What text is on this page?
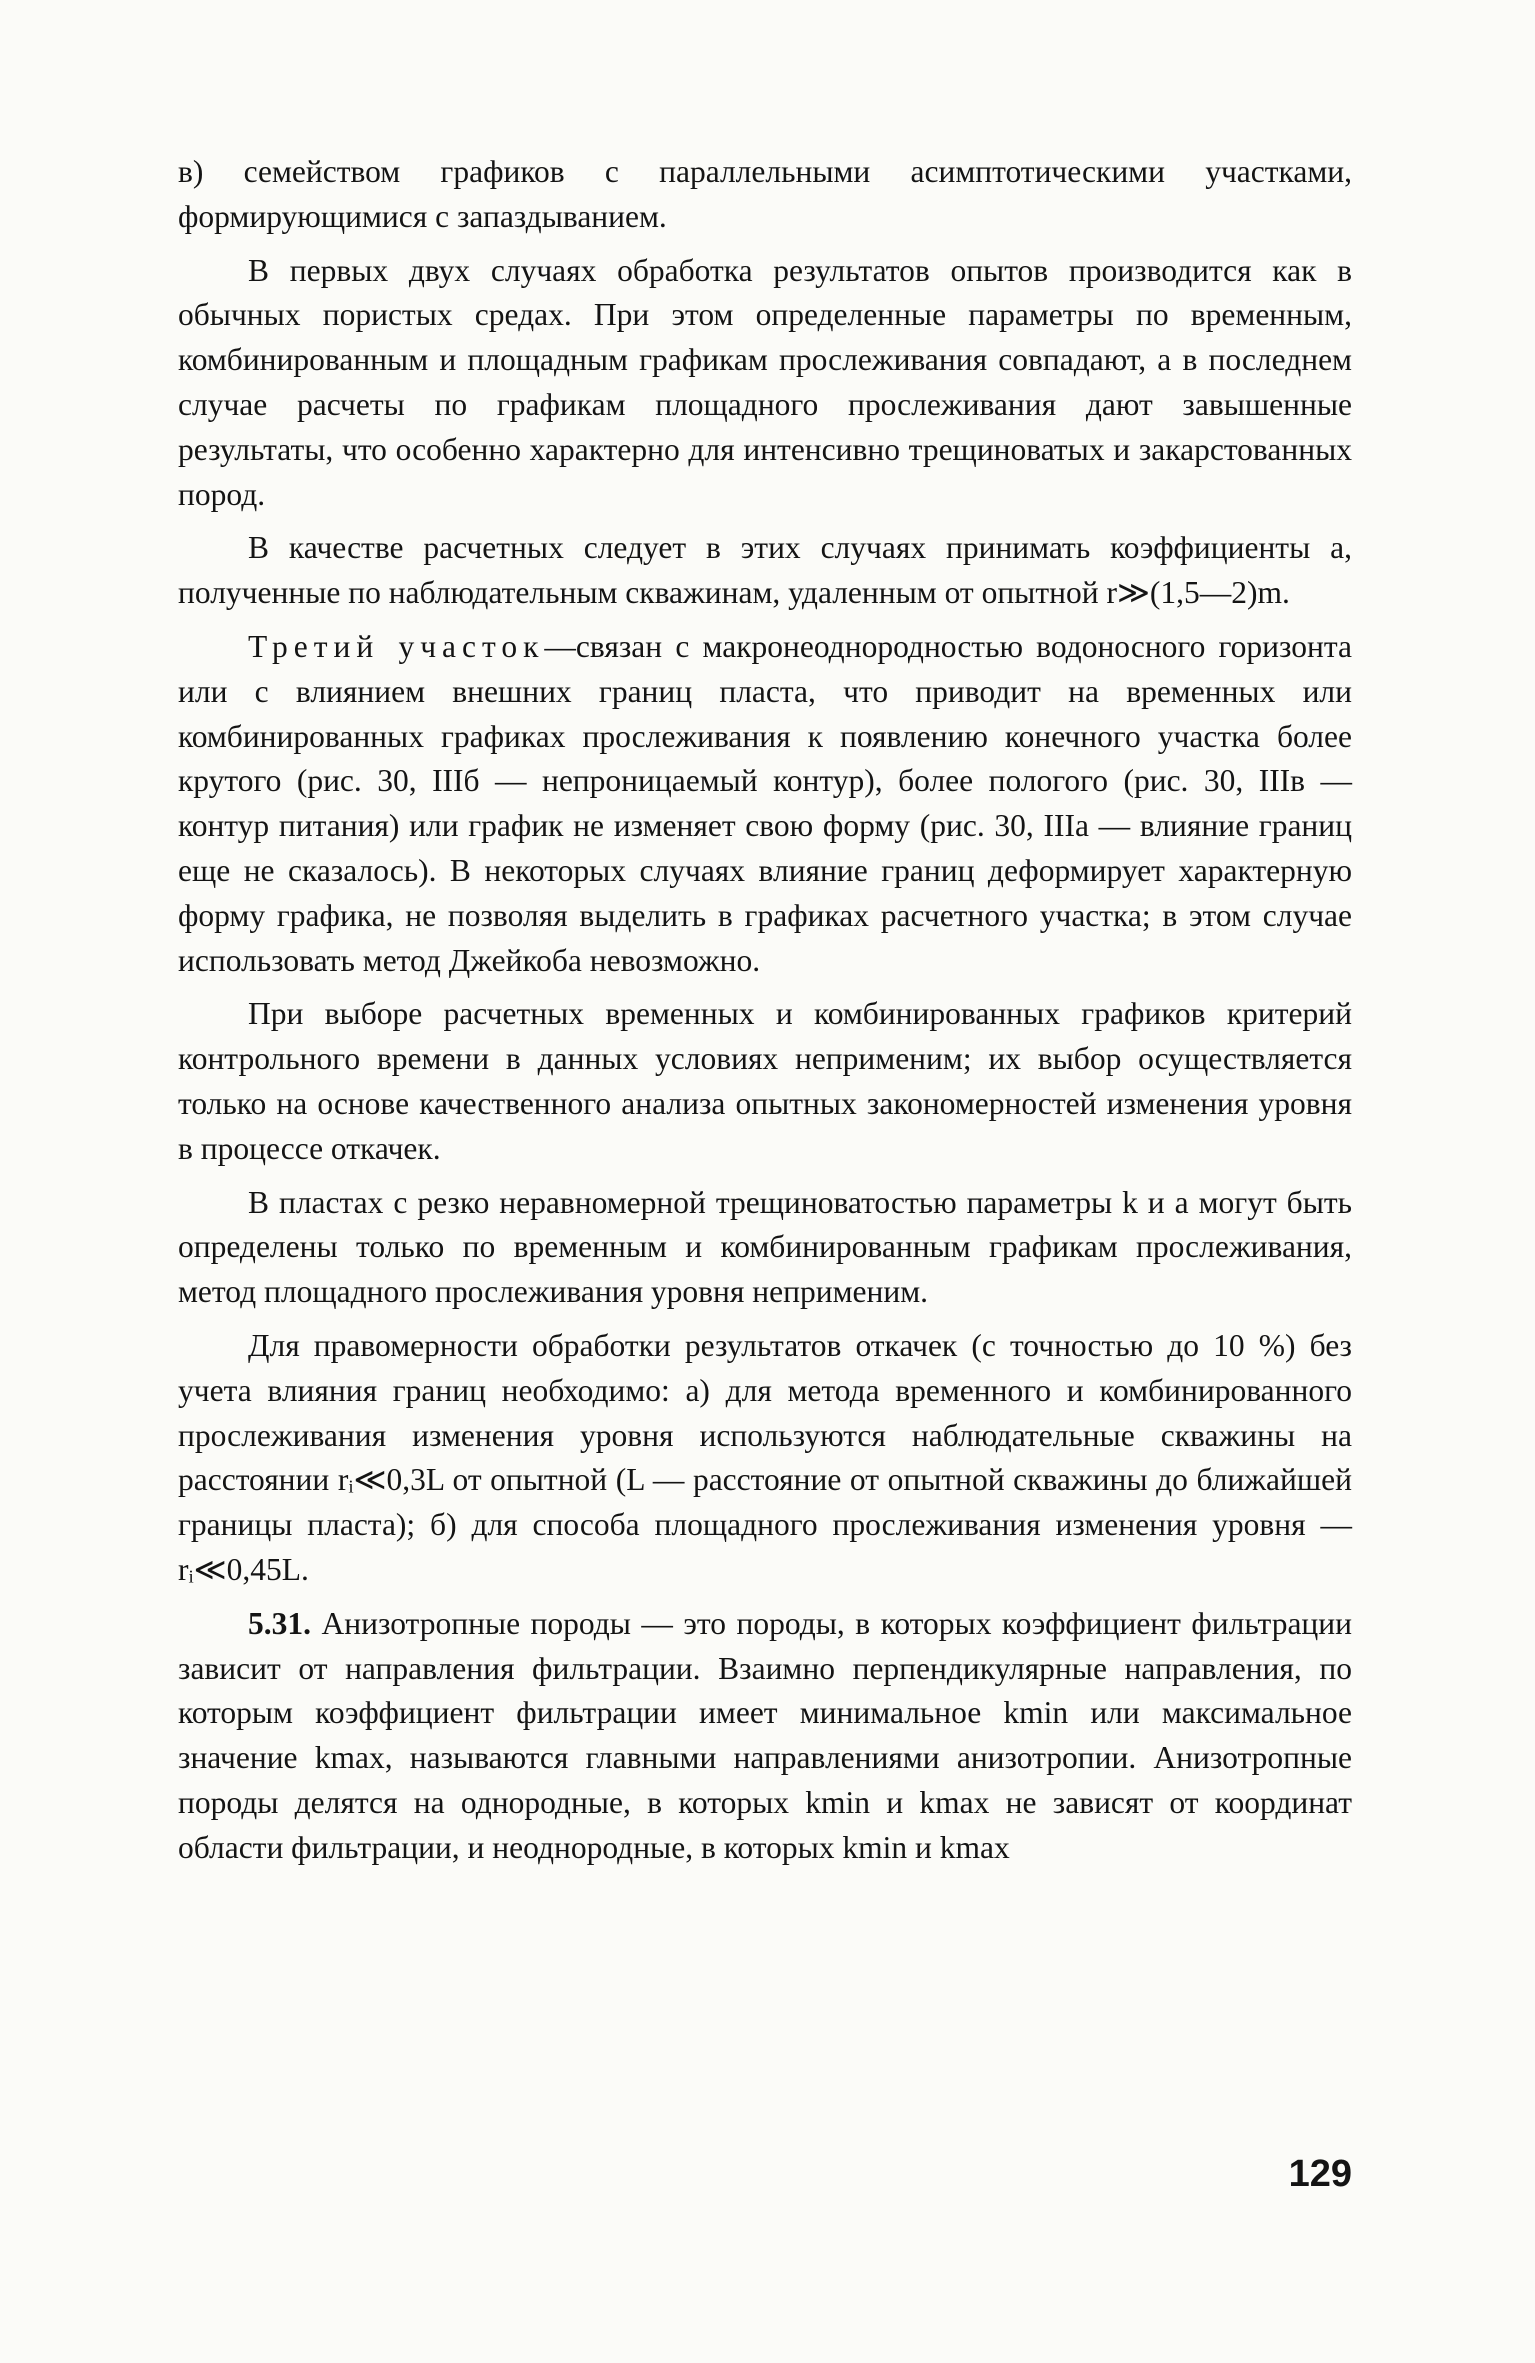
в) семейством графиков с параллельными асимптотическими участками, формирующимися с запаздыванием.

В первых двух случаях обработка результатов опытов производится как в обычных пористых средах. При этом определенные параметры по временным, комбинированным и площадным графикам прослеживания совпадают, а в последнем случае расчеты по графикам площадного прослеживания дают завышенные результаты, что особенно характерно для интенсивно трещиноватых и закарстованных пород.

В качестве расчетных следует в этих случаях принимать коэффициенты a, полученные по наблюдательным скважинам, удаленным от опытной r≫(1,5—2)m.

Третий участок—связан с макронеоднородностью водоносного горизонта или с влиянием внешних границ пласта, что приводит на временных или комбинированных графиках прослеживания к появлению конечного участка более крутого (рис. 30, IIIб — непроницаемый контур), более пологого (рис. 30, IIIв — контур питания) или график не изменяет свою форму (рис. 30, IIIa — влияние границ еще не сказалось). В некоторых случаях влияние границ деформирует характерную форму графика, не позволяя выделить в графиках расчетного участка; в этом случае использовать метод Джейкоба невозможно.

При выборе расчетных временных и комбинированных графиков критерий контрольного времени в данных условиях неприменим; их выбор осуществляется только на основе качественного анализа опытных закономерностей изменения уровня в процессе откачек.

В пластах с резко неравномерной трещиноватостью параметры k и a могут быть определены только по временным и комбинированным графикам прослеживания, метод площадного прослеживания уровня неприменим.

Для правомерности обработки результатов откачек (с точностью до 10 %) без учета влияния границ необходимо: а) для метода временного и комбинированного прослеживания изменения уровня используются наблюдательные скважины на расстоянии rᵢ≪0,3L от опытной (L — расстояние от опытной скважины до ближайшей границы пласта); б) для способа площадного прослеживания изменения уровня — rᵢ≪0,45L.

5.31. Анизотропные породы — это породы, в которых коэффициент фильтрации зависит от направления фильтрации. Взаимно перпендикулярные направления, по которым коэффициент фильтрации имеет минимальное kmin или максимальное значение kmax, называются главными направлениями анизотропии. Анизотропные породы делятся на однородные, в которых kmin и kmax не зависят от координат области фильтрации, и неоднородные, в которых kmin и kmax

129
